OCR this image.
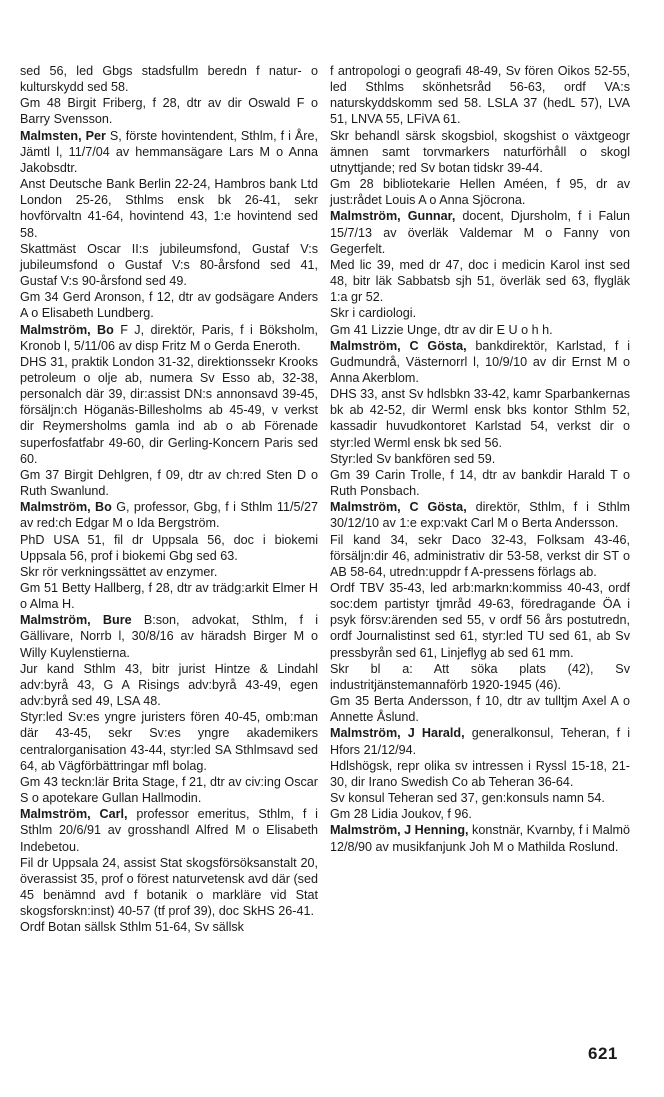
sed 56, led Gbgs stadsfullm beredn f natur- o kulturskydd sed 58.

Gm 48 Birgit Friberg, f 28, dtr av dir Oswald F o Barry Svensson.

Malmsten, Per S, förste hovintendent, Sthlm, f i Åre, Jämtl l, 11/7/04 av hemmansägare Lars M o Anna Jakobsdtr.

Anst Deutsche Bank Berlin 22-24, Hambros bank Ltd London 25-26, Sthlms ensk bk 26-41, sekr hovförvaltn 41-64, hovintend 43, 1:e hovintend sed 58.

Skattmäst Oscar II:s jubileumsfond, Gustaf V:s jubileumsfond o Gustaf V:s 80-årsfond sed 41, Gustaf V:s 90-årsfond sed 49.

Gm 34 Gerd Aronson, f 12, dtr av godsägare Anders A o Elisabeth Lundberg.

Malmström, Bo F J, direktör, Paris, f i Böksholm, Kronob l, 5/11/06 av disp Fritz M o Gerda Eneroth.

DHS 31, praktik London 31-32, direktionssekr Krooks petroleum o olje ab, numera Sv Esso ab, 32-38, personalch där 39, dir:assist DN:s annonsavd 39-45, försäljn:ch Höganäs-Billesholms ab 45-49, v verkst dir Reymersholms gamla ind ab o ab Förenade superfosfatfabr 49-60, dir Gerling-Koncern Paris sed 60.

Gm 37 Birgit Dehlgren, f 09, dtr av ch:red Sten D o Ruth Swanlund.

Malmström, Bo G, professor, Gbg, f i Sthlm 11/5/27 av red:ch Edgar M o Ida Bergström.

PhD USA 51, fil dr Uppsala 56, doc i biokemi Uppsala 56, prof i biokemi Gbg sed 63.

Skr rör verkningssättet av enzymer.

Gm 51 Betty Hallberg, f 28, dtr av trädg:arkit Elmer H o Alma H.

Malmström, Bure B:son, advokat, Sthlm, f i Gällivare, Norrb l, 30/8/16 av häradsh Birger M o Willy Kuylenstierna.

Jur kand Sthlm 43, bitr jurist Hintze & Lindahl adv:byrå 43, G A Risings adv:byrå 43-49, egen adv:byrå sed 49, LSA 48.

Styr:led Sv:es yngre juristers fören 40-45, omb:man där 43-45, sekr Sv:es yngre akademikers centralorganisation 43-44, styr:led SA Sthlmsavd sed 64, ab Vägförbättringar mfl bolag.

Gm 43 teckn:lär Brita Stage, f 21, dtr av civ:ing Oscar S o apotekare Gullan Hallmodin.

Malmström, Carl, professor emeritus, Sthlm, f i Sthlm 20/6/91 av grosshandl Alfred M o Elisabeth Indebetou.

Fil dr Uppsala 24, assist Stat skogsförsöksanstalt 20, överassist 35, prof o förest naturvetensk avd där (sed 45 benämnd avd f botanik o markläre vid Stat skogsforskn:inst) 40-57 (tf prof 39), doc SkHS 26-41.

Ordf Botan sällsk Sthlm 51-64, Sv sällsk

f antropologi o geografi 48-49, Sv fören Oikos 52-55, led Sthlms skönhetsråd 56-63, ordf VA:s naturskyddskomm sed 58. LSLA 37 (hedL 57), LVA 51, LNVA 55, LFiVA 61.

Skr behandl särsk skogsbiol, skogshist o växtgeogr ämnen samt torvmarkers naturförhåll o skogl utnyttjande; red Sv botan tidskr 39-44.

Gm 28 bibliotekarie Hellen Améen, f 95, dr av just:rådet Louis A o Anna Sjöcrona.

Malmström, Gunnar, docent, Djursholm, f i Falun 15/7/13 av överläk Valdemar M o Fanny von Gegerfelt.

Med lic 39, med dr 47, doc i medicin Karol inst sed 48, bitr läk Sabbatsb sjh 51, överläk sed 63, flygläk 1:a gr 52.

Skr i cardiologi.

Gm 41 Lizzie Unge, dtr av dir E U o h h.

Malmström, C Gösta, bankdirektör, Karlstad, f i Gudmundrå, Västernorrl l, 10/9/10 av dir Ernst M o Anna Akerblom.

DHS 33, anst Sv hdlsbkn 33-42, kamr Sparbankernas bk ab 42-52, dir Werml ensk bks kontor Sthlm 52, kassadir huvudkontoret Karlstad 54, verkst dir o styr:led Werml ensk bk sed 56.

Styr:led Sv bankfören sed 59.

Gm 39 Carin Trolle, f 14, dtr av bankdir Harald T o Ruth Ponsbach.

Malmström, C Gösta, direktör, Sthlm, f i Sthlm 30/12/10 av 1:e exp:vakt Carl M o Berta Andersson.

Fil kand 34, sekr Daco 32-43, Folksam 43-46, försäljn:dir 46, administrativ dir 53-58, verkst dir ST o AB 58-64, utredn:uppdr f A-pressens förlags ab.

Ordf TBV 35-43, led arb:markn:kommiss 40-43, ordf soc:dem partistyr tjmråd 49-63, föredragande ÖA i psyk försv:ärenden sed 55, v ordf 56 års postutredn, ordf Journalistinst sed 61, styr:led TU sed 61, ab Sv pressbyrån sed 61, Linjeflyg ab sed 61 mm.

Skr bl a: Att söka plats (42), Sv industritjänstemannaförb 1920-1945 (46).

Gm 35 Berta Andersson, f 10, dtr av tulltjm Axel A o Annette Åslund.

Malmström, J Harald, generalkonsul, Teheran, f i Hfors 21/12/94.

Hdlshögsk, repr olika sv intressen i Ryssl 15-18, 21-30, dir Irano Swedish Co ab Teheran 36-64.

Sv konsul Teheran sed 37, gen:konsuls namn 54.

Gm 28 Lidia Joukov, f 96.

Malmström, J Henning, konstnär, Kvarnby, f i Malmö 12/8/90 av musikfanjunk Joh M o Mathilda Roslund.

621
